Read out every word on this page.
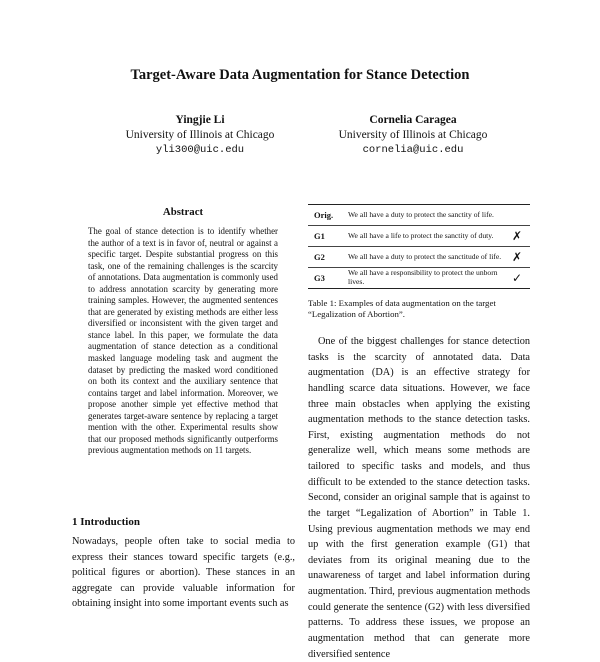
Target-Aware Data Augmentation for Stance Detection
Yingjie Li
University of Illinois at Chicago
yli300@uic.edu
Cornelia Caragea
University of Illinois at Chicago
cornelia@uic.edu
Abstract
The goal of stance detection is to identify whether the author of a text is in favor of, neutral or against a specific target. Despite substantial progress on this task, one of the remaining challenges is the scarcity of annotations. Data augmentation is commonly used to address annotation scarcity by generating more training samples. However, the augmented sentences that are generated by existing methods are either less diversified or inconsistent with the given target and stance label. In this paper, we formulate the data augmentation of stance detection as a conditional masked language modeling task and augment the dataset by predicting the masked word conditioned on both its context and the auxiliary sentence that contains target and label information. Moreover, we propose another simple yet effective method that generates target-aware sentence by replacing a target mention with the other. Experimental results show that our proposed methods significantly outperforms previous augmentation methods on 11 targets.
1 Introduction
Nowadays, people often take to social media to express their stances toward specific targets (e.g., political figures or abortion). These stances in an aggregate can provide valuable information for obtaining insight into some important events such as
Orig.	We all have a duty to protect the sanctity of life.	
G1	We all have a life to protect the sanctity of duty.	✗
G2	We all have a duty to protect the sanctitude of life.	✗
G3	We all have a responsibility to protect the unborn lives.	✓
Table 1: Examples of data augmentation on the target “Legalization of Abortion”.
One of the biggest challenges for stance detection tasks is the scarcity of annotated data. Data augmentation (DA) is an effective strategy for handling scarce data situations. However, we face three main obstacles when applying the existing augmentation methods to the stance detection tasks. First, existing augmentation methods do not generalize well, which means some methods are tailored to specific tasks and models, and thus difficult to be extended to the stance detection tasks. Second, consider an original sample that is against to the target “Legalization of Abortion” in Table 1. Using previous augmentation methods we may end up with the first generation example (G1) that deviates from its original meaning due to the unawareness of target and label information during augmentation. Third, previous augmentation methods could generate the sentence (G2) with less diversified patterns. To address these issues, we propose an augmentation method that can generate more diversified sentence
